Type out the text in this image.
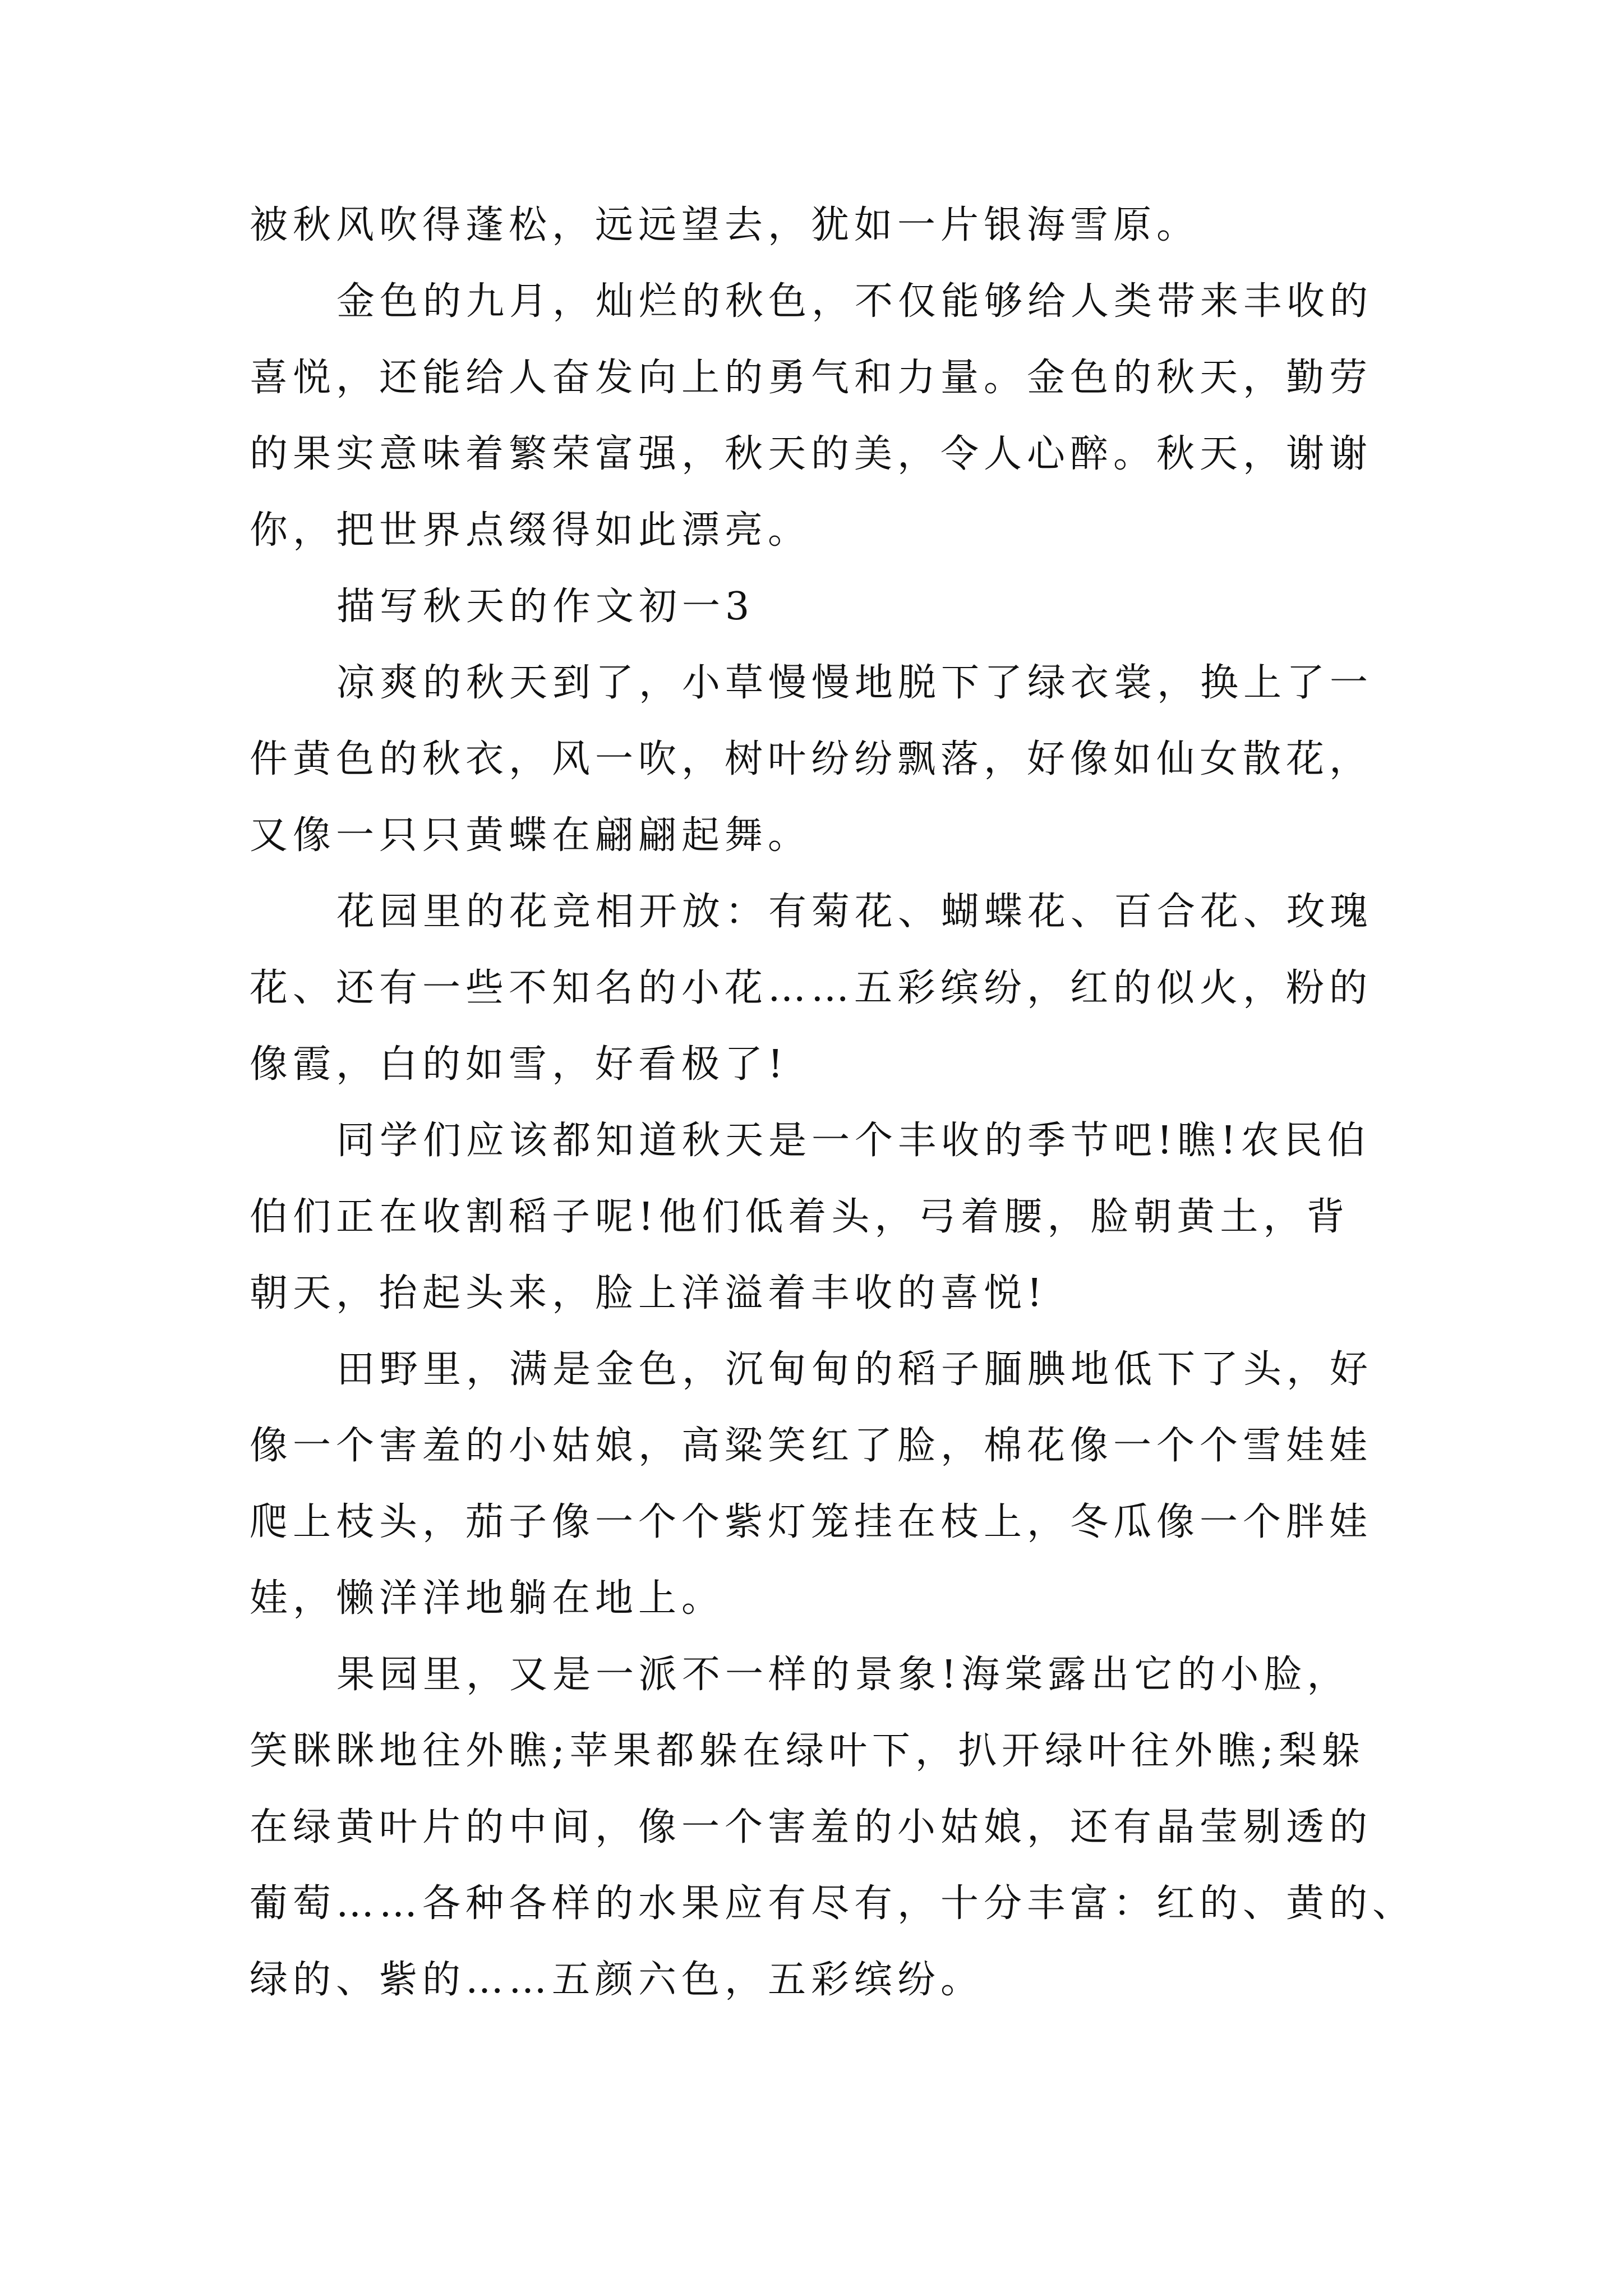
被秋风吹得蓬松，远远望去，犹如一片银海雪原。
金色的九月，灿烂的秋色，不仅能够给人类带来丰收的
喜悦，还能给人奋发向上的勇气和力量。金色的秋天，勤劳
的果实意味着繁荣富强，秋天的美，令人心醉。秋天，谢谢
你，把世界点缀得如此漂亮。
描写秋天的作文初一3
凉爽的秋天到了，小草慢慢地脱下了绿衣裳，换上了一
件黄色的秋衣，风一吹，树叶纷纷飘落，好像如仙女散花，
又像一只只黄蝶在翩翩起舞。
花园里的花竞相开放：有菊花、蝴蝶花、百合花、玫瑰
花、还有一些不知名的小花……五彩缤纷，红的似火，粉的
像霞，白的如雪，好看极了!
同学们应该都知道秋天是一个丰收的季节吧!瞧!农民伯
伯们正在收割稻子呢!他们低着头，弓着腰，脸朝黄土，背
朝天，抬起头来，脸上洋溢着丰收的喜悦!
田野里，满是金色，沉甸甸的稻子腼腆地低下了头，好
像一个害羞的小姑娘，高粱笑红了脸，棉花像一个个雪娃娃
爬上枝头，茄子像一个个紫灯笼挂在枝上，冬瓜像一个胖娃
娃，懒洋洋地躺在地上。
果园里，又是一派不一样的景象!海棠露出它的小脸，
笑眯眯地往外瞧;苹果都躲在绿叶下，扒开绿叶往外瞧;梨躲
在绿黄叶片的中间，像一个害羞的小姑娘，还有晶莹剔透的
葡萄……各种各样的水果应有尽有，十分丰富：红的、黄的、
绿的、紫的……五颜六色，五彩缤纷。
